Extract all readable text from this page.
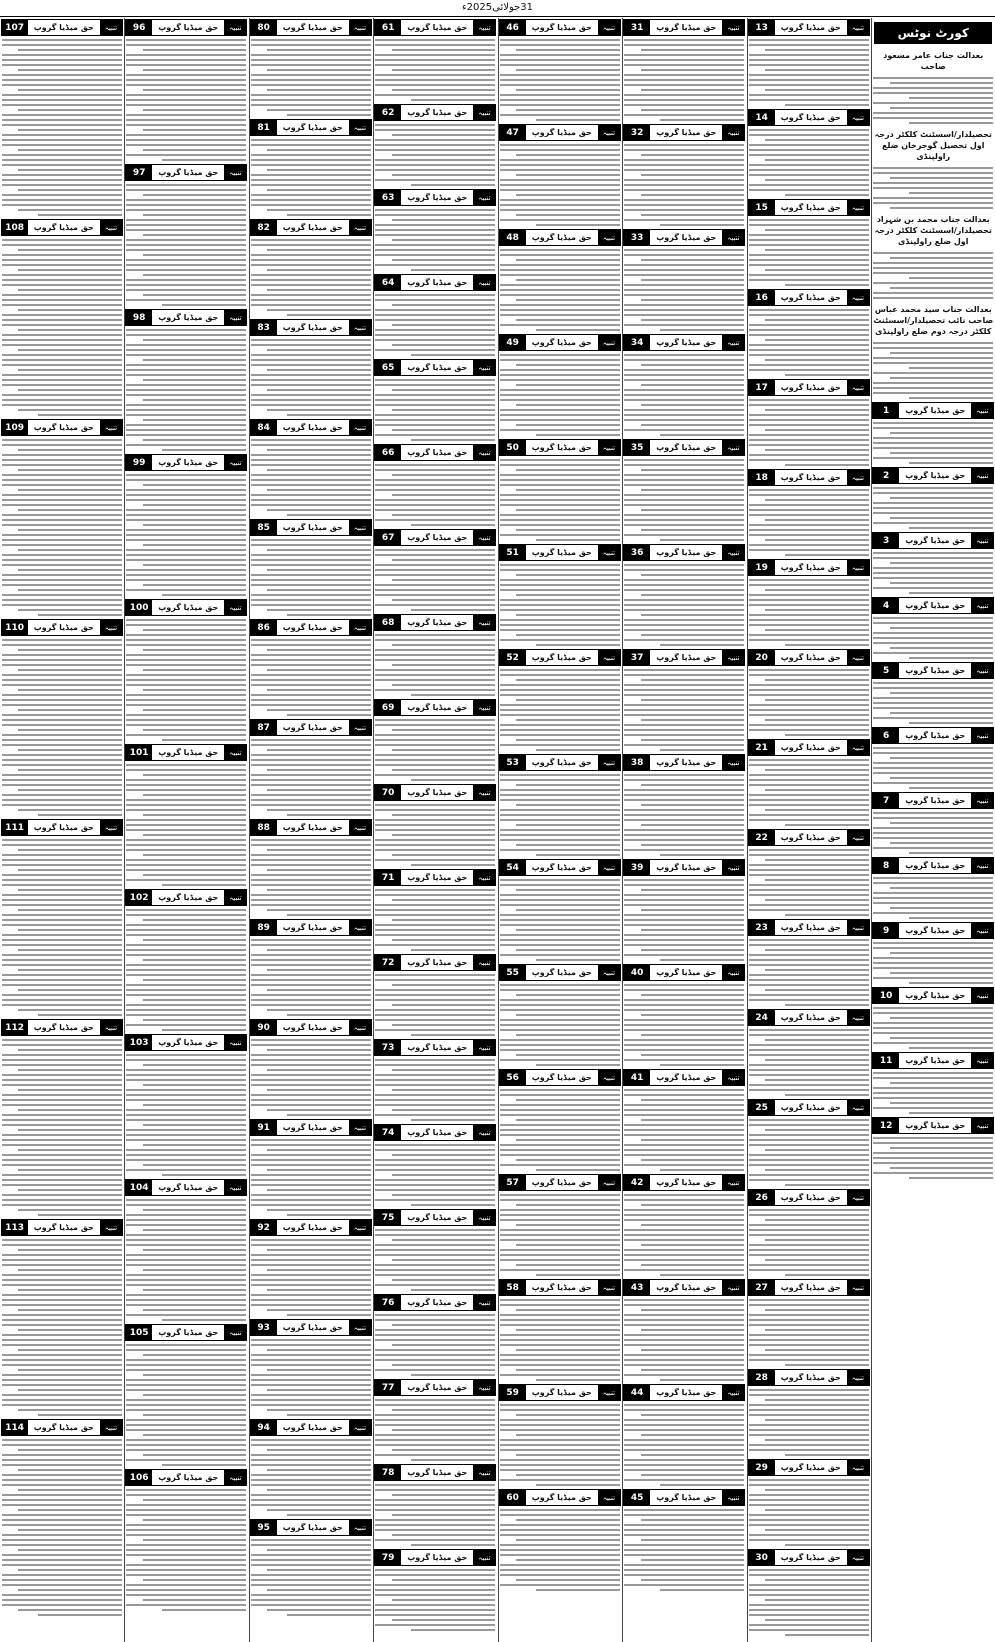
31جولائی2025ء
کورٹ نوٹس
بعدالت جناب عامر مسعود صاحب
تحصیلدار/اسسٹنٹ کلکٹر درجہ اول تحصیل گوجرخان ضلع راولپنڈی
بعدالت جناب محمد بن شہزاد تحصیلدار/اسسٹنٹ کلکٹر درجہ اول ضلع راولپنڈی
بعدالت جناب سید محمد عباس صاحب نائب تحصیلدار/اسسٹنٹ کلکٹر درجہ دوم ضلع راولپنڈی
تنبیہ
حق میڈیا گروپ
1
تنبیہ
حق میڈیا گروپ
2
تنبیہ
حق میڈیا گروپ
3
تنبیہ
حق میڈیا گروپ
4
تنبیہ
حق میڈیا گروپ
5
تنبیہ
حق میڈیا گروپ
6
تنبیہ
حق میڈیا گروپ
7
تنبیہ
حق میڈیا گروپ
8
تنبیہ
حق میڈیا گروپ
9
تنبیہ
حق میڈیا گروپ
10
تنبیہ
حق میڈیا گروپ
11
تنبیہ
حق میڈیا گروپ
12
تنبیہ
حق میڈیا گروپ
13
تنبیہ
حق میڈیا گروپ
14
تنبیہ
حق میڈیا گروپ
15
تنبیہ
حق میڈیا گروپ
16
تنبیہ
حق میڈیا گروپ
17
تنبیہ
حق میڈیا گروپ
18
تنبیہ
حق میڈیا گروپ
19
تنبیہ
حق میڈیا گروپ
20
تنبیہ
حق میڈیا گروپ
21
تنبیہ
حق میڈیا گروپ
22
تنبیہ
حق میڈیا گروپ
23
تنبیہ
حق میڈیا گروپ
24
تنبیہ
حق میڈیا گروپ
25
تنبیہ
حق میڈیا گروپ
26
تنبیہ
حق میڈیا گروپ
27
تنبیہ
حق میڈیا گروپ
28
تنبیہ
حق میڈیا گروپ
29
تنبیہ
حق میڈیا گروپ
30
تنبیہ
حق میڈیا گروپ
31
تنبیہ
حق میڈیا گروپ
32
تنبیہ
حق میڈیا گروپ
33
تنبیہ
حق میڈیا گروپ
34
تنبیہ
حق میڈیا گروپ
35
تنبیہ
حق میڈیا گروپ
36
تنبیہ
حق میڈیا گروپ
37
تنبیہ
حق میڈیا گروپ
38
تنبیہ
حق میڈیا گروپ
39
تنبیہ
حق میڈیا گروپ
40
تنبیہ
حق میڈیا گروپ
41
تنبیہ
حق میڈیا گروپ
42
تنبیہ
حق میڈیا گروپ
43
تنبیہ
حق میڈیا گروپ
44
تنبیہ
حق میڈیا گروپ
45
تنبیہ
حق میڈیا گروپ
46
تنبیہ
حق میڈیا گروپ
47
تنبیہ
حق میڈیا گروپ
48
تنبیہ
حق میڈیا گروپ
49
تنبیہ
حق میڈیا گروپ
50
تنبیہ
حق میڈیا گروپ
51
تنبیہ
حق میڈیا گروپ
52
تنبیہ
حق میڈیا گروپ
53
تنبیہ
حق میڈیا گروپ
54
تنبیہ
حق میڈیا گروپ
55
تنبیہ
حق میڈیا گروپ
56
تنبیہ
حق میڈیا گروپ
57
تنبیہ
حق میڈیا گروپ
58
تنبیہ
حق میڈیا گروپ
59
تنبیہ
حق میڈیا گروپ
60
تنبیہ
حق میڈیا گروپ
61
تنبیہ
حق میڈیا گروپ
62
تنبیہ
حق میڈیا گروپ
63
تنبیہ
حق میڈیا گروپ
64
تنبیہ
حق میڈیا گروپ
65
تنبیہ
حق میڈیا گروپ
66
تنبیہ
حق میڈیا گروپ
67
تنبیہ
حق میڈیا گروپ
68
تنبیہ
حق میڈیا گروپ
69
تنبیہ
حق میڈیا گروپ
70
تنبیہ
حق میڈیا گروپ
71
تنبیہ
حق میڈیا گروپ
72
تنبیہ
حق میڈیا گروپ
73
تنبیہ
حق میڈیا گروپ
74
تنبیہ
حق میڈیا گروپ
75
تنبیہ
حق میڈیا گروپ
76
تنبیہ
حق میڈیا گروپ
77
تنبیہ
حق میڈیا گروپ
78
تنبیہ
حق میڈیا گروپ
79
تنبیہ
حق میڈیا گروپ
80
تنبیہ
حق میڈیا گروپ
81
تنبیہ
حق میڈیا گروپ
82
تنبیہ
حق میڈیا گروپ
83
تنبیہ
حق میڈیا گروپ
84
تنبیہ
حق میڈیا گروپ
85
تنبیہ
حق میڈیا گروپ
86
تنبیہ
حق میڈیا گروپ
87
تنبیہ
حق میڈیا گروپ
88
تنبیہ
حق میڈیا گروپ
89
تنبیہ
حق میڈیا گروپ
90
تنبیہ
حق میڈیا گروپ
91
تنبیہ
حق میڈیا گروپ
92
تنبیہ
حق میڈیا گروپ
93
تنبیہ
حق میڈیا گروپ
94
تنبیہ
حق میڈیا گروپ
95
تنبیہ
حق میڈیا گروپ
96
تنبیہ
حق میڈیا گروپ
97
تنبیہ
حق میڈیا گروپ
98
تنبیہ
حق میڈیا گروپ
99
تنبیہ
حق میڈیا گروپ
100
تنبیہ
حق میڈیا گروپ
101
تنبیہ
حق میڈیا گروپ
102
تنبیہ
حق میڈیا گروپ
103
تنبیہ
حق میڈیا گروپ
104
تنبیہ
حق میڈیا گروپ
105
تنبیہ
حق میڈیا گروپ
106
تنبیہ
حق میڈیا گروپ
107
تنبیہ
حق میڈیا گروپ
108
تنبیہ
حق میڈیا گروپ
109
تنبیہ
حق میڈیا گروپ
110
تنبیہ
حق میڈیا گروپ
111
تنبیہ
حق میڈیا گروپ
112
تنبیہ
حق میڈیا گروپ
113
تنبیہ
حق میڈیا گروپ
114
